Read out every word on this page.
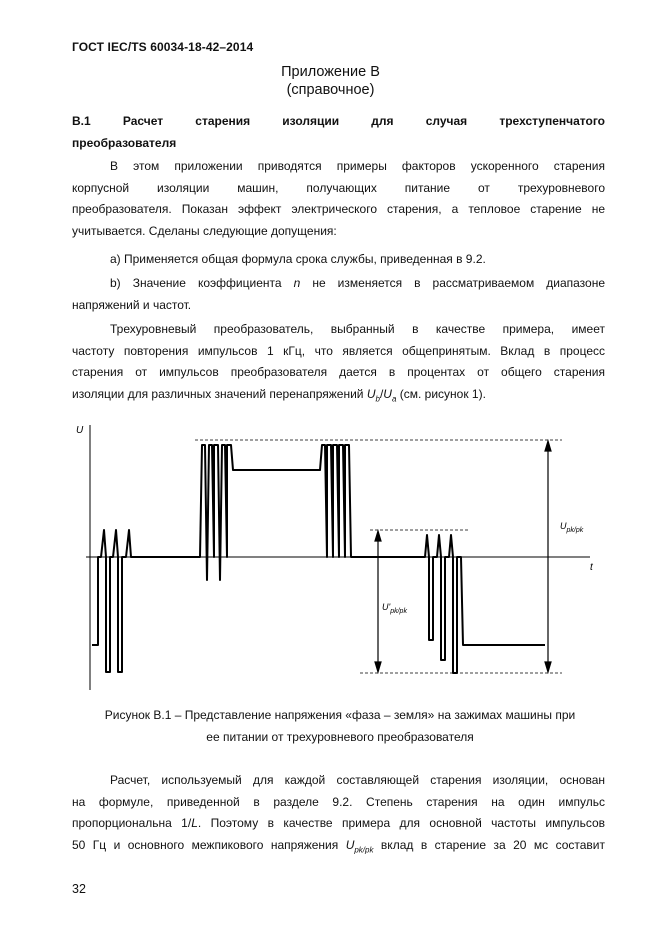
ГОСТ IEC/TS 60034-18-42–2014
Приложение В
(справочное)
В.1 Расчет старения изоляции для случая трехступенчатого
преобразователя
В этом приложении приводятся примеры факторов ускоренного старения
корпусной изоляции машин, получающих питание от трехуровневого
преобразователя. Показан эффект электрического старения, а тепловое старение не
учитывается. Сделаны следующие допущения:
а) Применяется общая формула срока службы, приведенная в 9.2.
b) Значение коэффициента n не изменяется в рассматриваемом диапазоне
напряжений и частот.
Трехуровневый преобразователь, выбранный в качестве примера, имеет
частоту повторения импульсов 1 кГц, что является общепринятым. Вклад в процесс
старения от импульсов преобразователя дается в процентах от общего старения
изоляции для различных значений перенапряжений $U_b/U_a$ (см. рисунок 1).
U
t
$U_{pk/pk}$
$U'_{pk/pk}$
Рисунок В.1 – Представление напряжения «фаза – земля» на зажимах машины при
ее питании от трехуровневого преобразователя
Расчет, используемый для каждой составляющей старения изоляции, основан
на формуле, приведенной в разделе 9.2. Степень старения на один импульс
пропорциональна 1/L. Поэтому в качестве примера для основной частоты импульсов
50 Гц и основного межпикового напряжения $U_{pk/pk}$ вклад в старение за 20 мс составит
32
